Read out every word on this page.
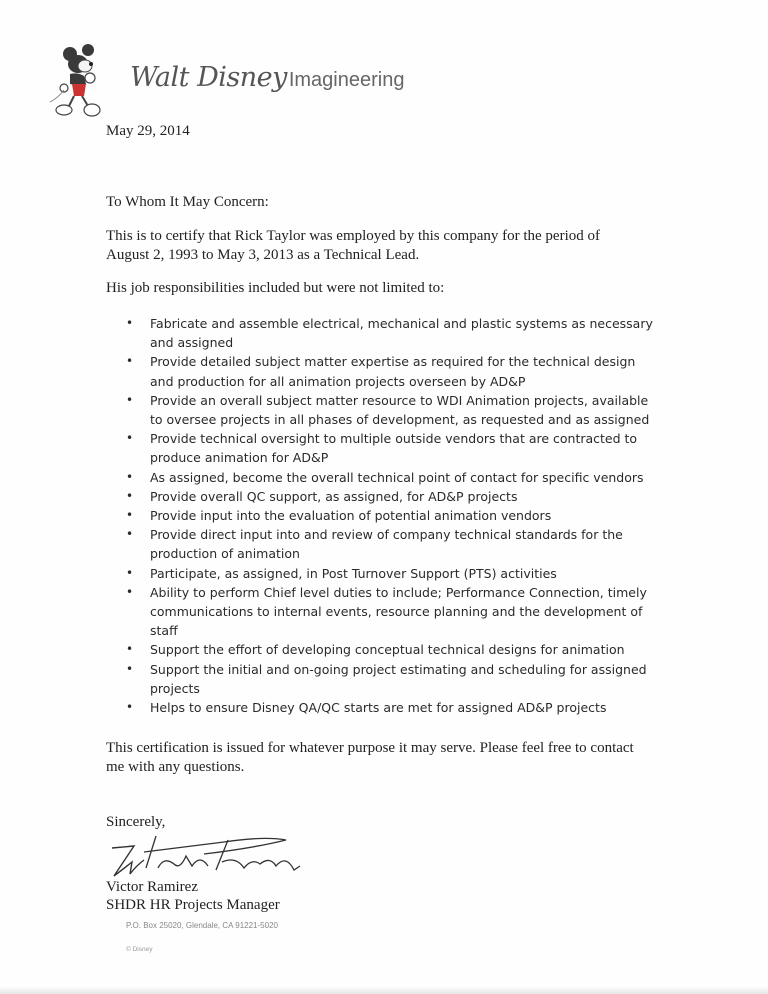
Walt Disney Imagineering
May 29, 2014
To Whom It May Concern:
This is to certify that Rick Taylor was employed by this company for the period of August 2, 1993 to May 3, 2013 as a Technical Lead.
His job responsibilities included but were not limited to:
• Fabricate and assemble electrical, mechanical and plastic systems as necessary and assigned
• Provide detailed subject matter expertise as required for the technical design and production for all animation projects overseen by AD&P
• Provide an overall subject matter resource to WDI Animation projects, available to oversee projects in all phases of development, as requested and as assigned
• Provide technical oversight to multiple outside vendors that are contracted to produce animation for AD&P
• As assigned, become the overall technical point of contact for specific vendors
• Provide overall QC support, as assigned, for AD&P projects
• Provide input into the evaluation of potential animation vendors
• Provide direct input into and review of company technical standards for the production of animation
• Participate, as assigned, in Post Turnover Support (PTS) activities
• Ability to perform Chief level duties to include; Performance Connection, timely communications to internal events, resource planning and the development of staff
• Support the effort of developing conceptual technical designs for animation
• Support the initial and on-going project estimating and scheduling for assigned projects
• Helps to ensure Disney QA/QC starts are met for assigned AD&P projects
This certification is issued for whatever purpose it may serve. Please feel free to contact me with any questions.
Sincerely,
Victor Ramirez
SHDR HR Projects Manager
P.O. Box 25020, Glendale, CA 91221-5020
© Disney
